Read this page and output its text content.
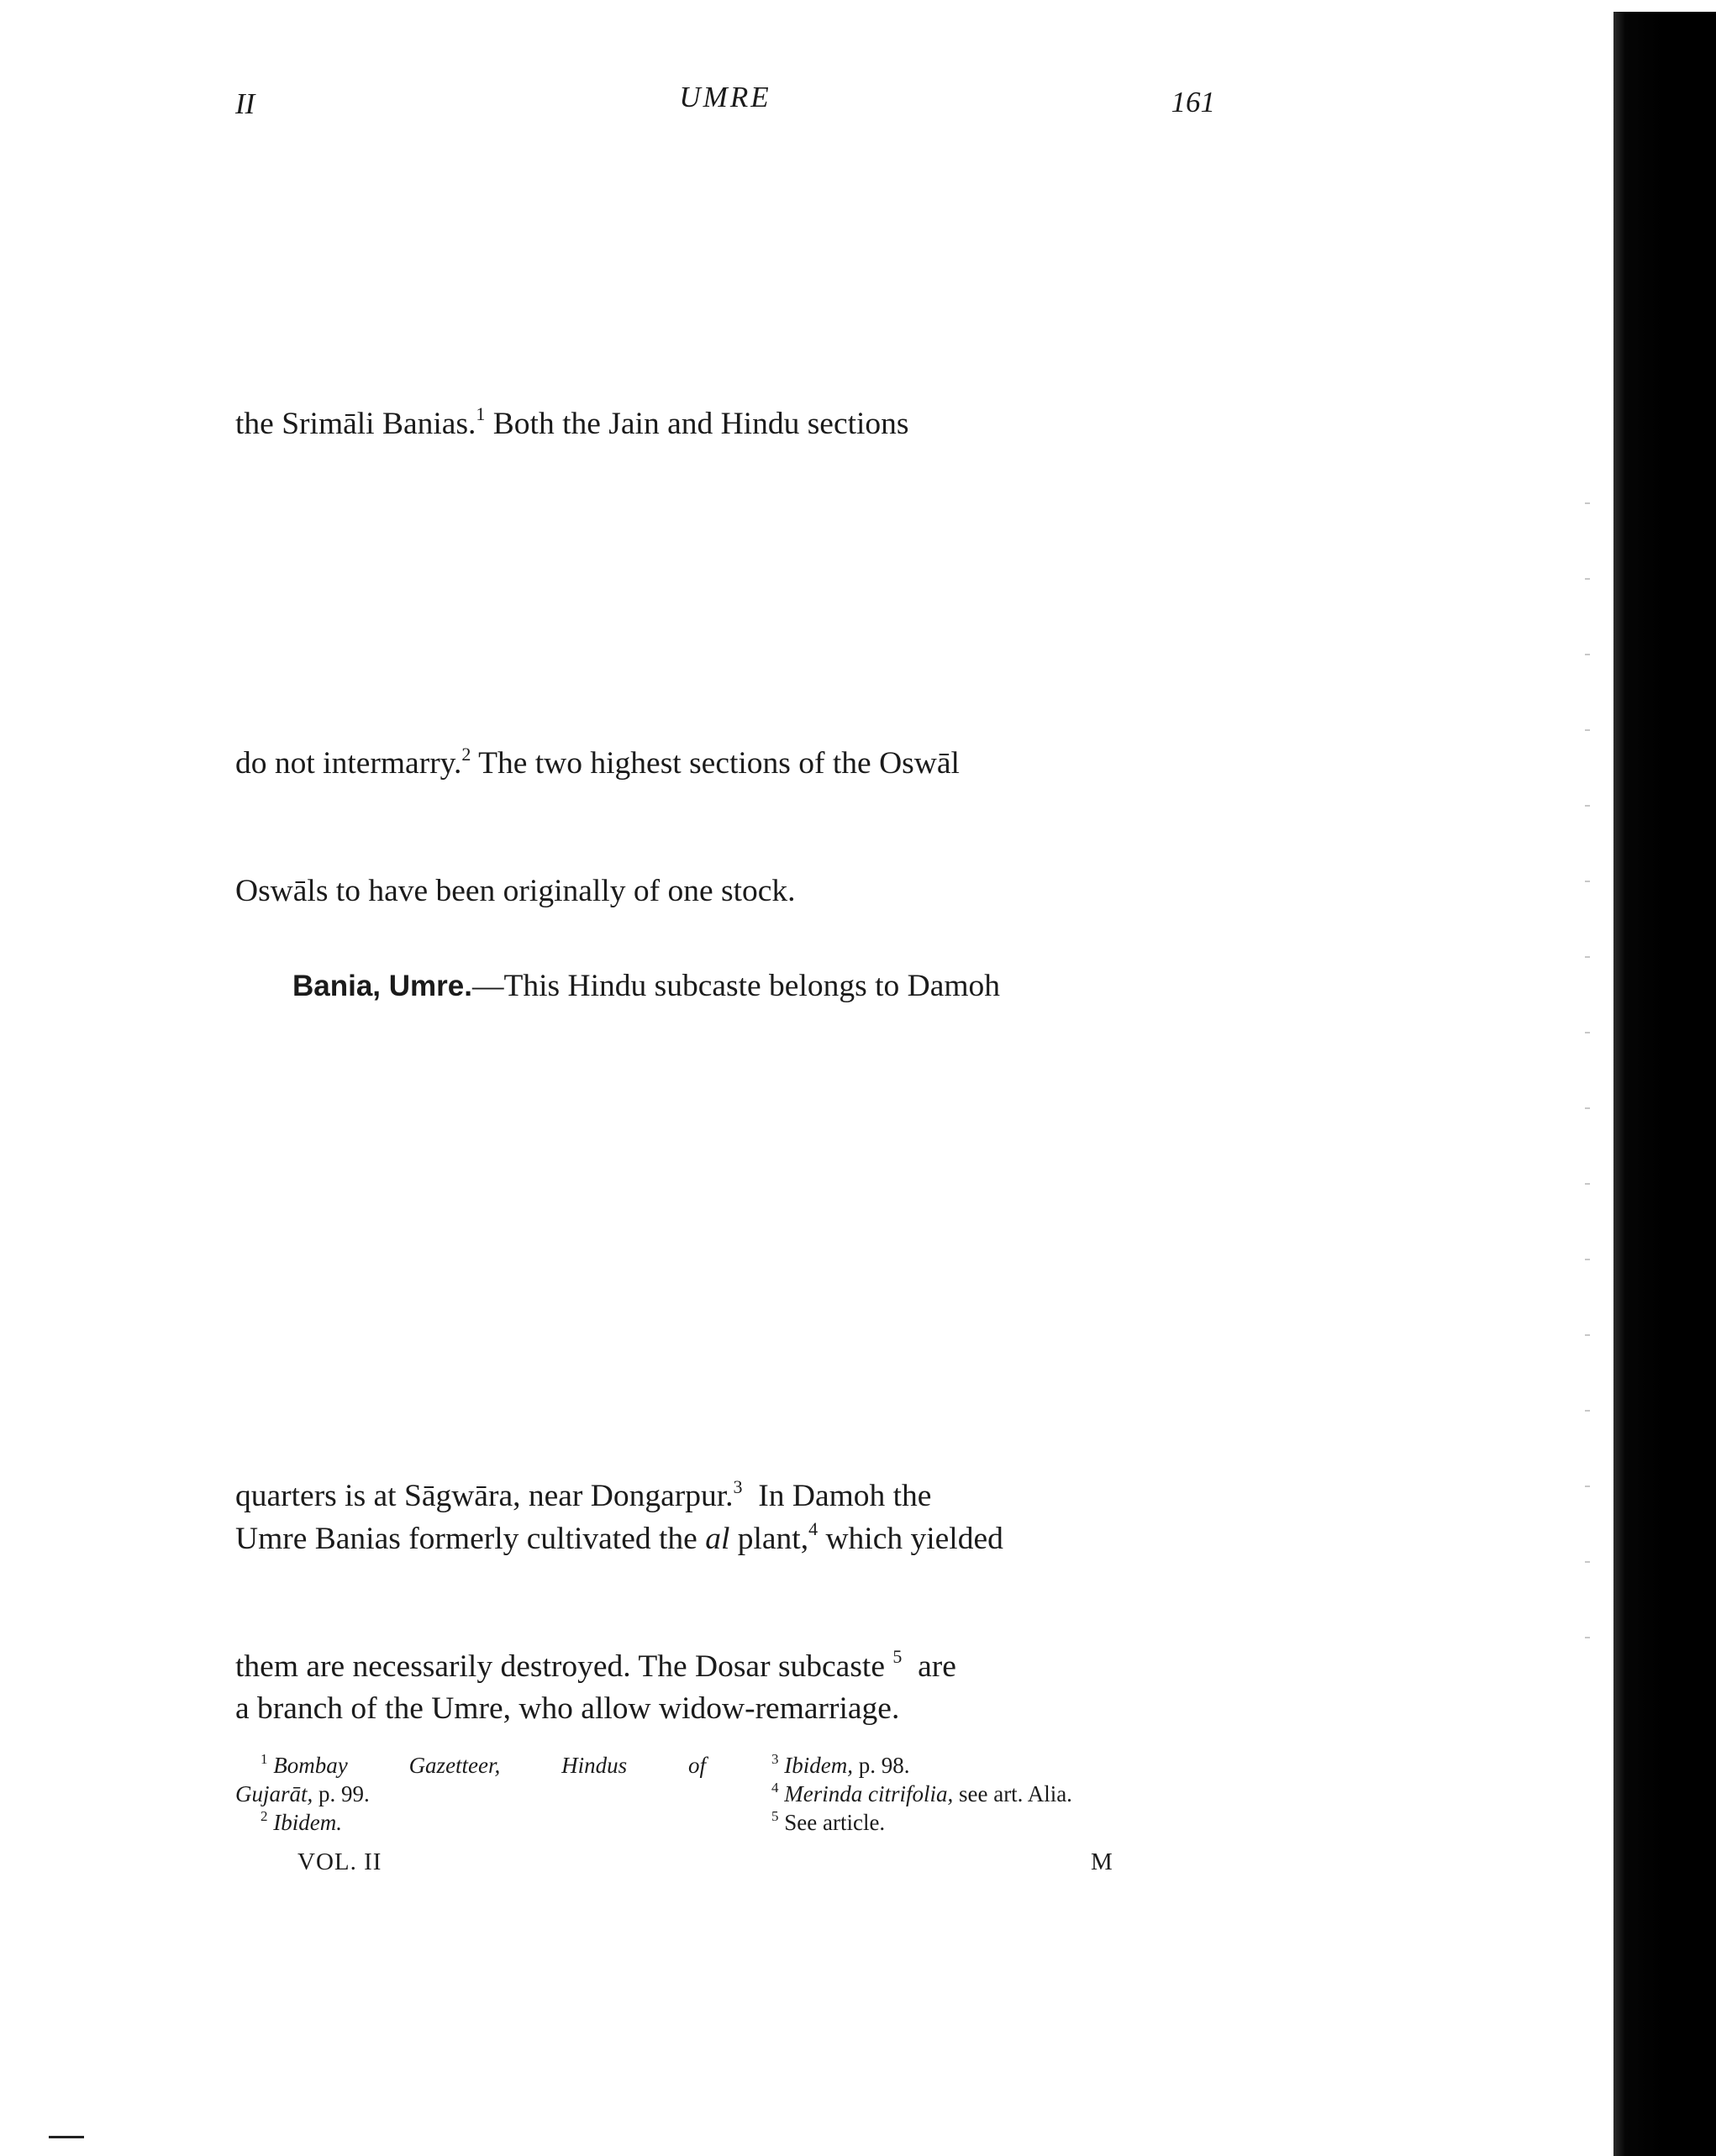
II	UMRE	161
the Srimāli Banias.$^1$ Both the Jain and Hindu sections
do not intermarry.$^2$ The two highest sections of the Oswāl
Oswāls to have been originally of one stock.
Bania, Umre.—This Hindu subcaste belongs to Damoh
quarters is at Sāgwāra, near Dongarpur.$^3$ In Damoh the
Umre Banias formerly cultivated the al plant,$^4$ which yielded
them are necessarily destroyed. The Dosar subcaste $^5$ are
a branch of the Umre, who allow widow-remarriage.
$^1$ Bombay	Gazetteer,	Hindus	of
Gujarāt, p. 99.
$^2$ Ibidem.
$^3$ Ibidem, p. 98.
$^4$ Merinda citrifolia, see art. Alia.
$^5$ See article.
VOL. II	M
